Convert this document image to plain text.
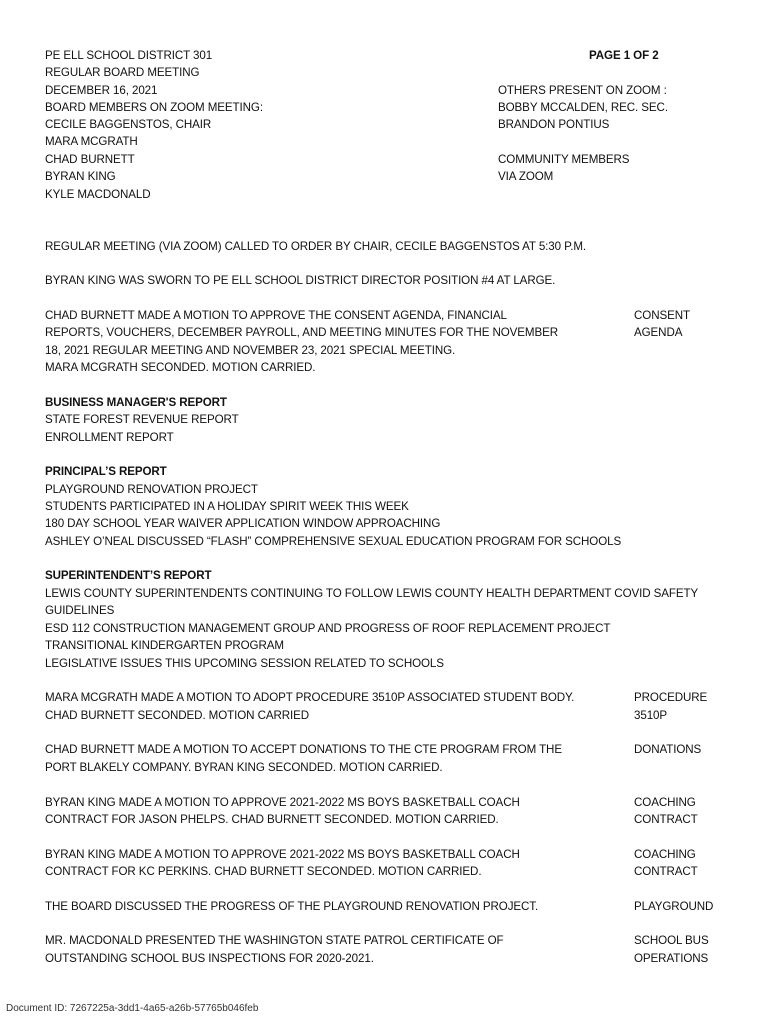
PE ELL SCHOOL DISTRICT 301
REGULAR BOARD MEETING
DECEMBER 16, 2021
BOARD MEMBERS ON ZOOM MEETING:
CECILE BAGGENSTOS, CHAIR
MARA MCGRATH
CHAD BURNETT
BYRAN KING
KYLE MACDONALD
PAGE 1 OF 2
OTHERS PRESENT ON ZOOM :
BOBBY MCCALDEN, REC. SEC.
BRANDON PONTIUS
COMMUNITY MEMBERS
VIA ZOOM
REGULAR MEETING (VIA ZOOM) CALLED TO ORDER BY CHAIR, CECILE BAGGENSTOS AT 5:30 P.M.
BYRAN KING WAS SWORN TO PE ELL SCHOOL DISTRICT DIRECTOR POSITION #4 AT LARGE.
CHAD BURNETT MADE A MOTION TO APPROVE THE CONSENT AGENDA, FINANCIAL
REPORTS, VOUCHERS, DECEMBER PAYROLL, AND MEETING MINUTES FOR THE NOVEMBER
18, 2021 REGULAR MEETING AND NOVEMBER 23, 2021 SPECIAL MEETING.
MARA MCGRATH SECONDED. MOTION CARRIED.
CONSENT
AGENDA
BUSINESS MANAGER'S REPORT
STATE FOREST REVENUE REPORT
ENROLLMENT REPORT
PRINCIPAL’S REPORT
PLAYGROUND RENOVATION PROJECT
STUDENTS PARTICIPATED IN A HOLIDAY SPIRIT WEEK THIS WEEK
180 DAY SCHOOL YEAR WAIVER APPLICATION WINDOW APPROACHING
ASHLEY O’NEAL DISCUSSED “FLASH” COMPREHENSIVE SEXUAL EDUCATION PROGRAM FOR SCHOOLS
SUPERINTENDENT’S REPORT
LEWIS COUNTY SUPERINTENDENTS CONTINUING TO FOLLOW LEWIS COUNTY HEALTH DEPARTMENT COVID SAFETY
GUIDELINES
ESD 112 CONSTRUCTION MANAGEMENT GROUP AND PROGRESS OF ROOF REPLACEMENT PROJECT
TRANSITIONAL KINDERGARTEN PROGRAM
LEGISLATIVE ISSUES THIS UPCOMING SESSION RELATED TO SCHOOLS
MARA MCGRATH MADE A MOTION TO ADOPT PROCEDURE 3510P ASSOCIATED STUDENT BODY.
CHAD BURNETT SECONDED. MOTION CARRIED
PROCEDURE
3510P
CHAD BURNETT MADE A MOTION TO ACCEPT DONATIONS TO THE CTE PROGRAM FROM THE
PORT BLAKELY COMPANY. BYRAN KING SECONDED. MOTION CARRIED.
DONATIONS
BYRAN KING MADE A MOTION TO APPROVE 2021-2022 MS BOYS BASKETBALL COACH
CONTRACT FOR JASON PHELPS. CHAD BURNETT SECONDED. MOTION CARRIED.
COACHING
CONTRACT
BYRAN KING MADE A MOTION TO APPROVE 2021-2022 MS BOYS BASKETBALL COACH
CONTRACT FOR KC PERKINS. CHAD BURNETT SECONDED. MOTION CARRIED.
COACHING
CONTRACT
THE BOARD DISCUSSED THE PROGRESS OF THE PLAYGROUND RENOVATION PROJECT.	PLAYGROUND
MR. MACDONALD PRESENTED THE WASHINGTON STATE PATROL CERTIFICATE OF
OUTSTANDING SCHOOL BUS INSPECTIONS FOR 2020-2021.
SCHOOL BUS
OPERATIONS
Document ID: 7267225a-3dd1-4a65-a26b-57765b046feb
